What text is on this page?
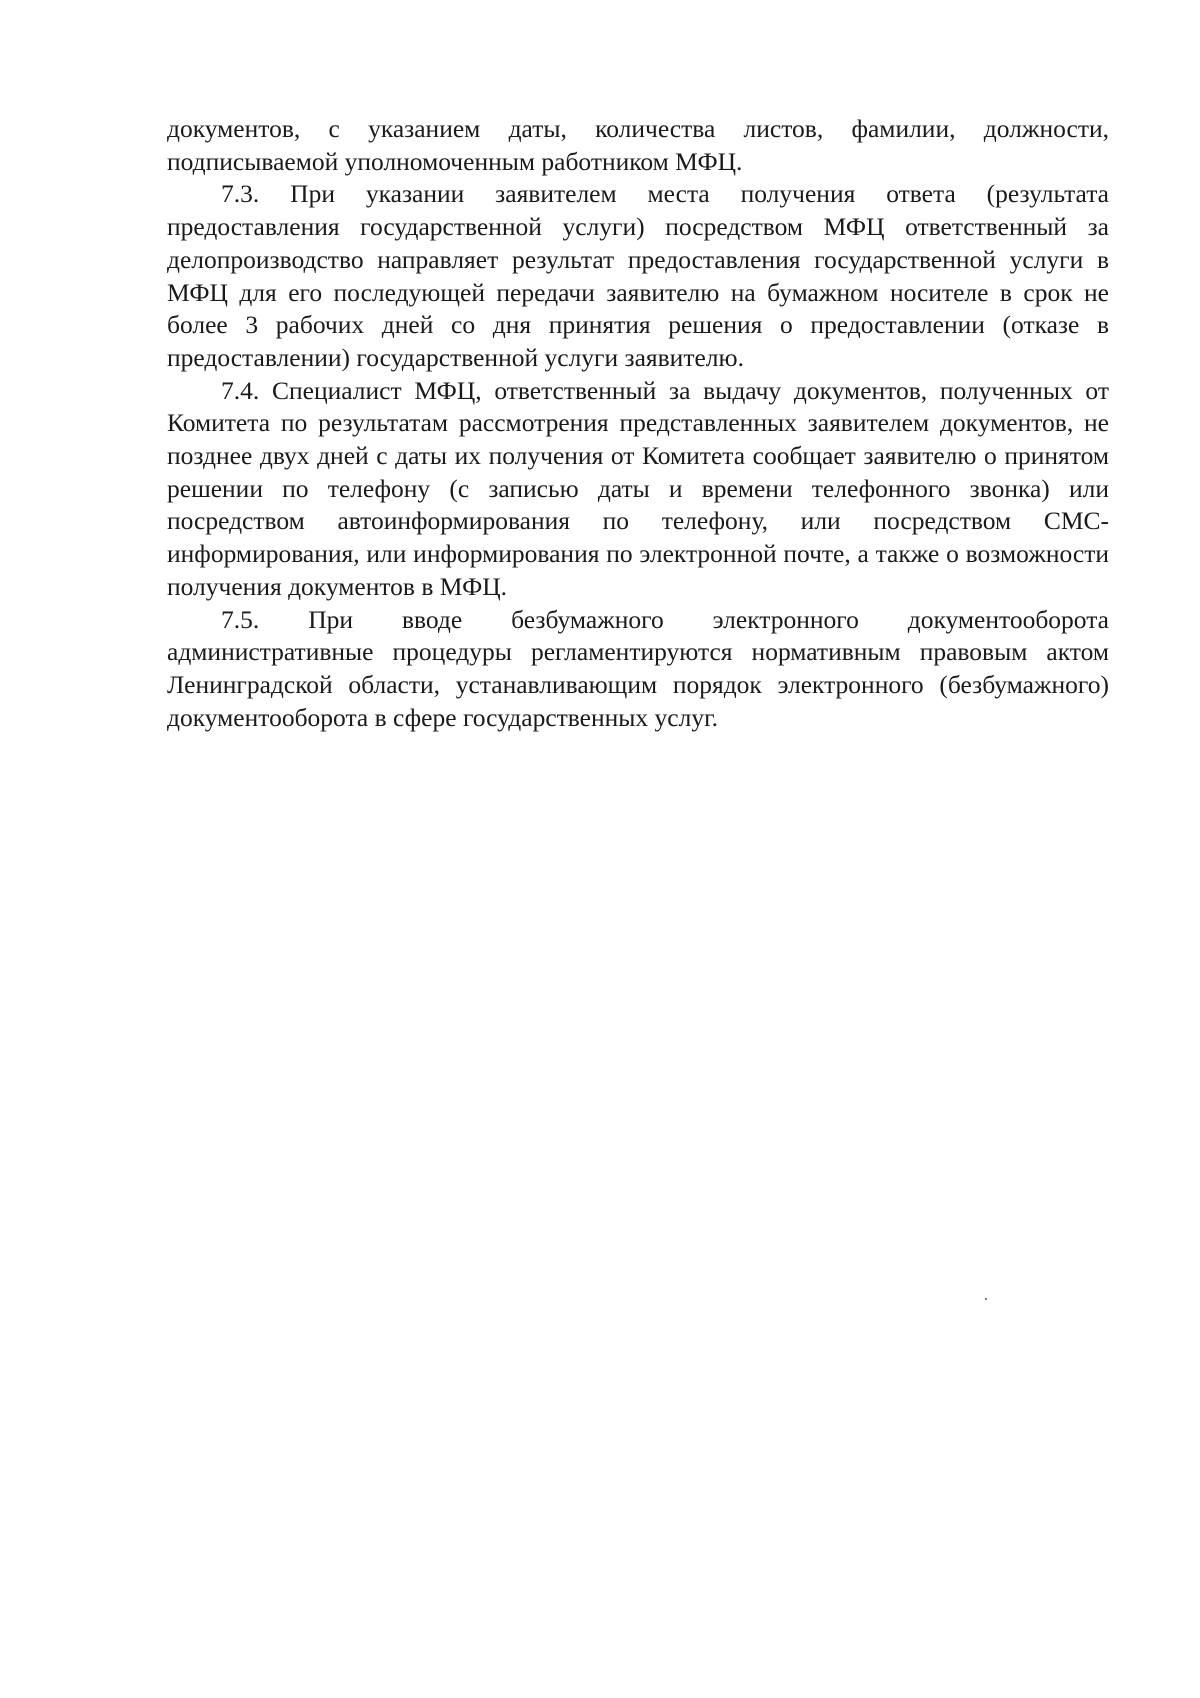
документов, с указанием даты, количества листов, фамилии, должности, подписываемой уполномоченным работником МФЦ.

7.3. При указании заявителем места получения ответа (результата предоставления государственной услуги) посредством МФЦ ответственный за делопроизводство направляет результат предоставления государственной услуги в МФЦ для его последующей передачи заявителю на бумажном носителе в срок не более 3 рабочих дней со дня принятия решения о предоставлении (отказе в предоставлении) государственной услуги заявителю.

7.4. Специалист МФЦ, ответственный за выдачу документов, полученных от Комитета по результатам рассмотрения представленных заявителем документов, не позднее двух дней с даты их получения от Комитета сообщает заявителю о принятом решении по телефону (с записью даты и времени телефонного звонка) или посредством автоинформирования по телефону, или посредством СМС-информирования, или информирования по электронной почте, а также о возможности получения документов в МФЦ.

7.5. При вводе безбумажного электронного документооборота административные процедуры регламентируются нормативным правовым актом Ленинградской области, устанавливающим порядок электронного (безбумажного) документооборота в сфере государственных услуг.
